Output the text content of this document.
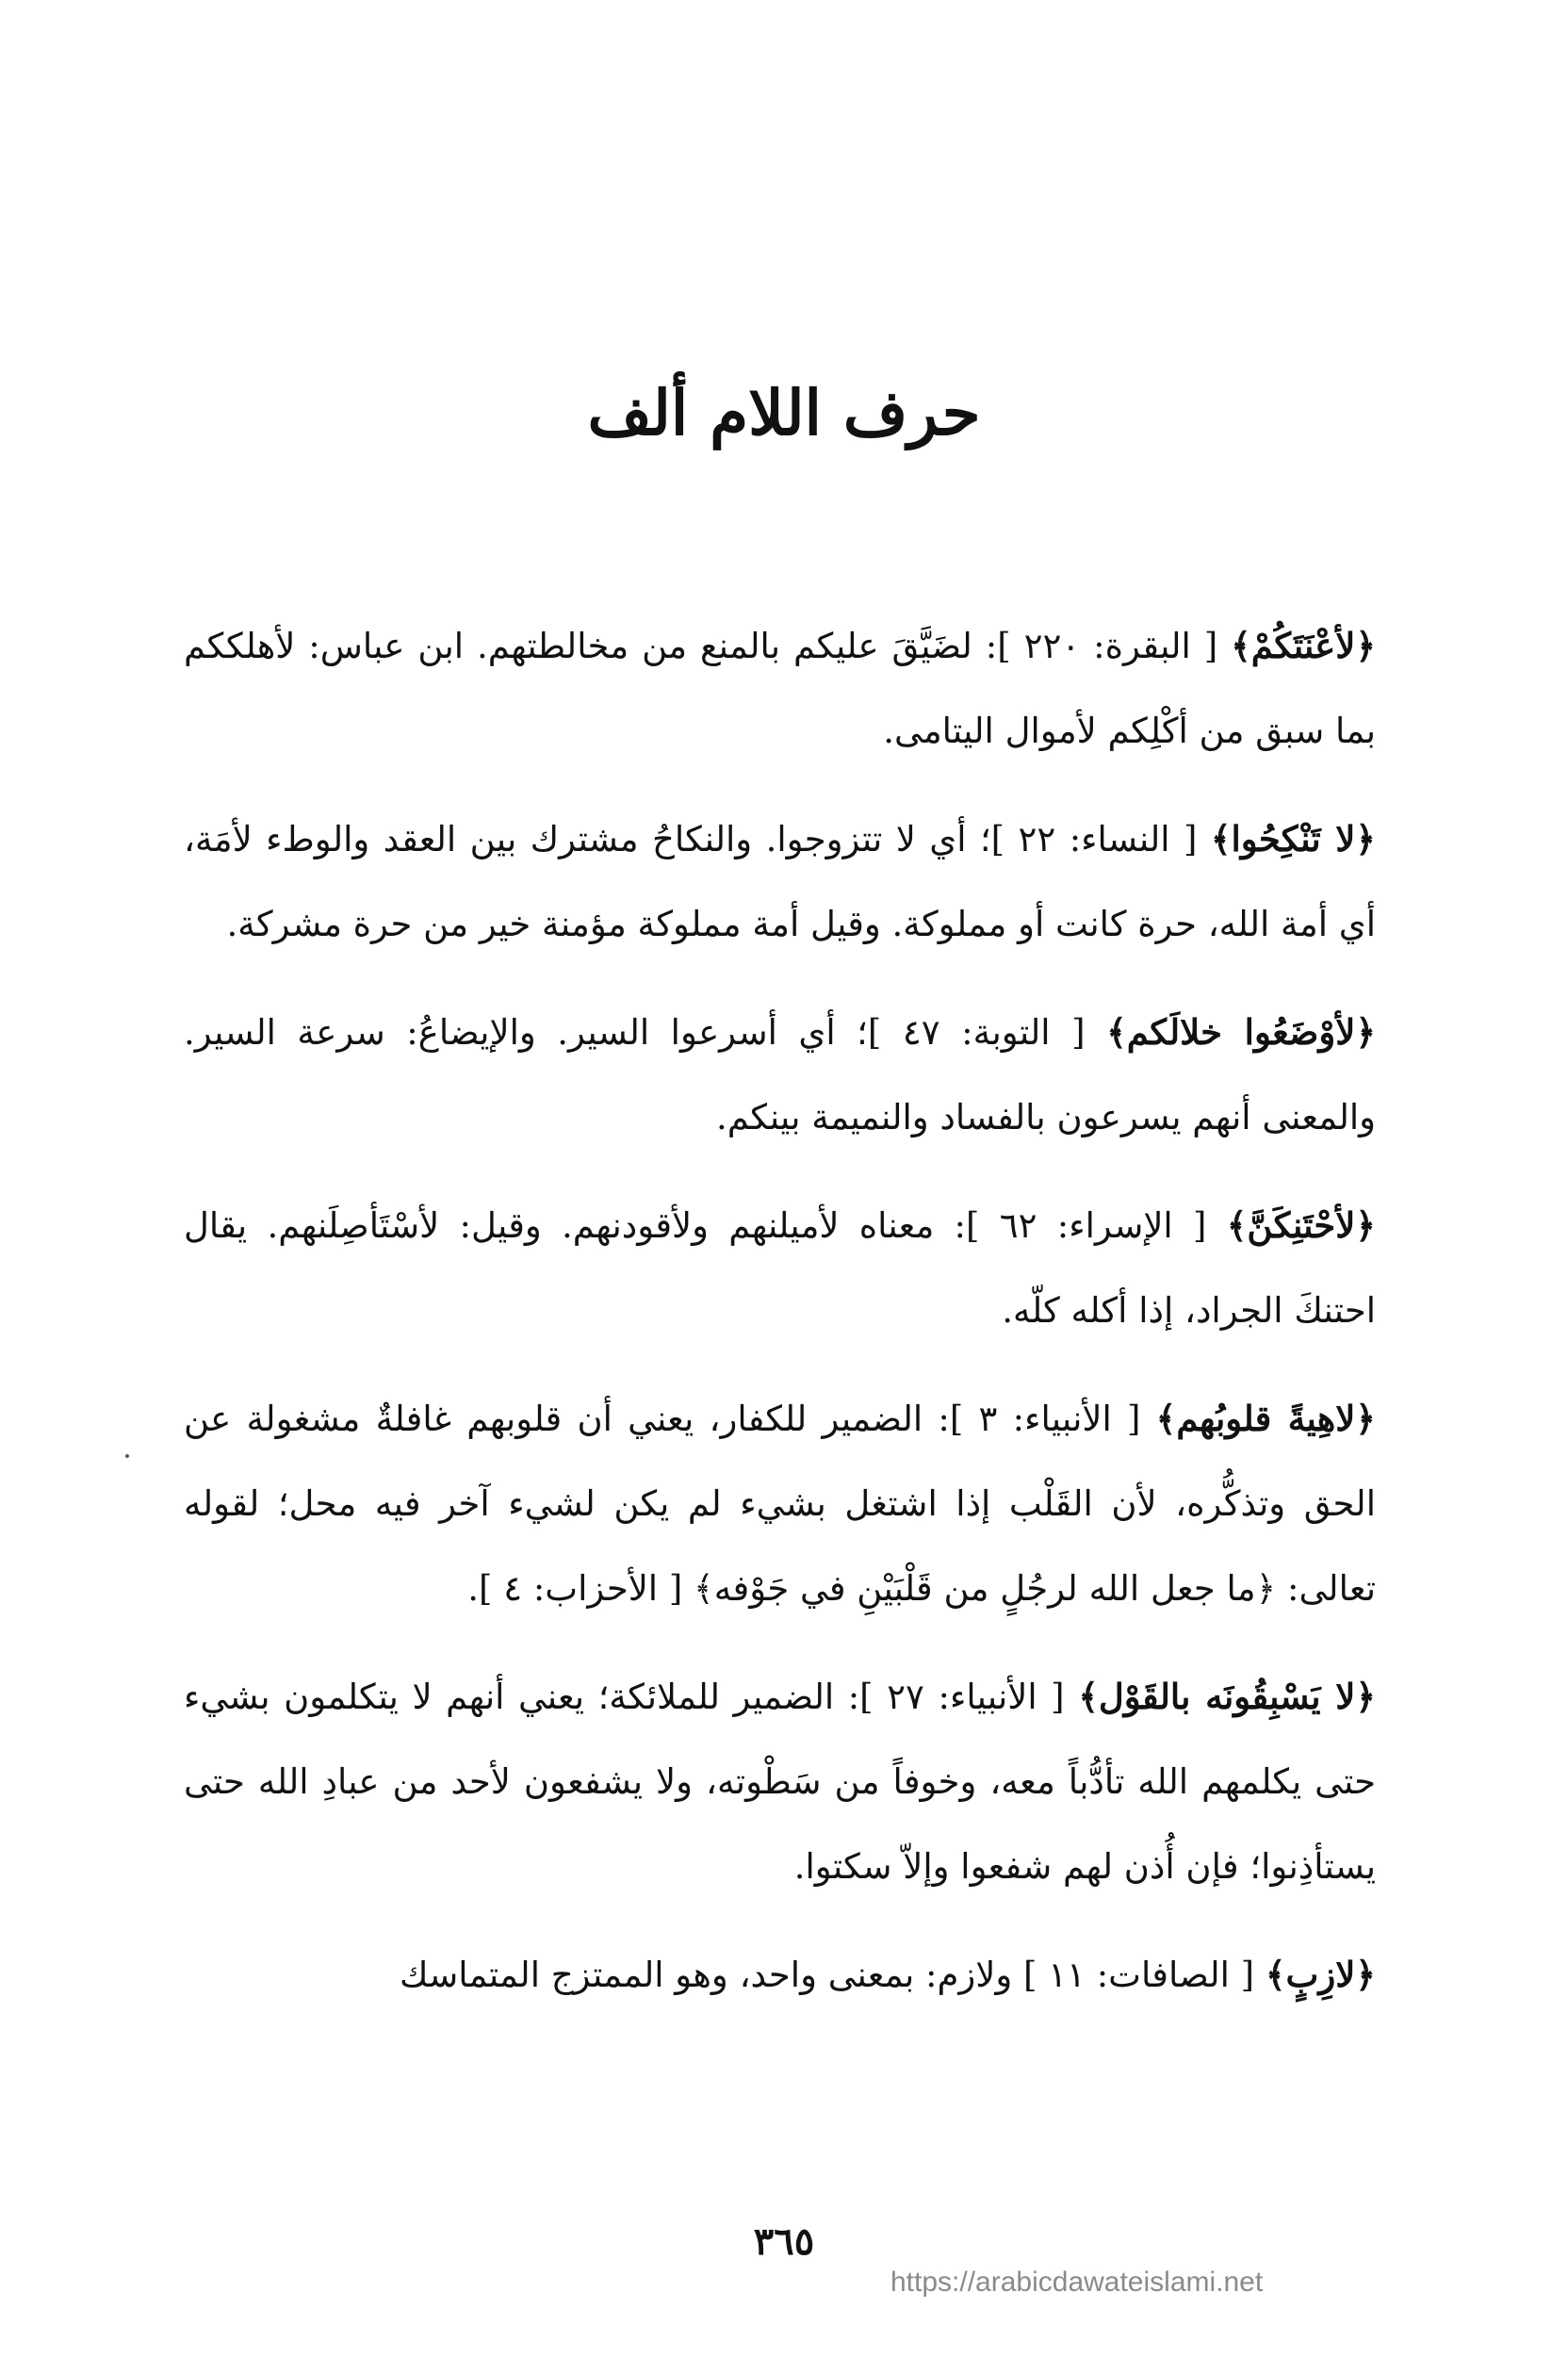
حرف اللام ألف

﴿لأعْنَتَكُمْ﴾ [ البقرة: ٢٢٠ ]: لضَيَّقَ عليكم بالمنع من مخالطتهم. ابن عباس: لأهلككم بما سبق من أكْلِكم لأموال اليتامى.

﴿لا تَنْكِحُوا﴾ [ النساء: ٢٢ ]؛ أي لا تتزوجوا. والنكاحُ مشترك بين العقد والوطء لأمَة، أي أمة الله، حرة كانت أو مملوكة. وقيل أمة مملوكة مؤمنة خير من حرة مشركة.

﴿لأوْضَعُوا خلالَكم﴾ [ التوبة: ٤٧ ]؛ أي أسرعوا السير. والإيضاعُ: سرعة السير. والمعنى أنهم يسرعون بالفساد والنميمة بينكم.

﴿لأحْتَنِكَنَّ﴾ [ الإسراء: ٦٢ ]: معناه لأميلنهم ولأقودنهم. وقيل: لأسْتَأصِلَنهم. يقال احتنكَ الجراد، إذا أكله كلّه.

﴿لاهِيةً قلوبُهم﴾ [ الأنبياء: ٣ ]: الضمير للكفار، يعني أن قلوبهم غافلةٌ مشغولة عن الحق وتذكُّره، لأن القَلْب إذا اشتغل بشيء لم يكن لشيء آخر فيه محل؛ لقوله تعالى: ﴿ما جعل الله لرجُلٍ من قَلْبَيْنِ في جَوْفه﴾ [ الأحزاب: ٤ ].

﴿لا يَسْبِقُونَه بالقَوْل﴾ [ الأنبياء: ٢٧ ]: الضمير للملائكة؛ يعني أنهم لا يتكلمون بشيء حتى يكلمهم الله تأدُّباً معه، وخوفاً من سَطْوته، ولا يشفعون لأحد من عبادِ الله حتى يستأذِنوا؛ فإن أُذن لهم شفعوا وإلاّ سكتوا.

﴿لازِبٍ﴾ [ الصافات: ١١ ] ولازم: بمعنى واحد، وهو الممتزج المتماسك

٣٦٥
https://arabicdawateislami.net
